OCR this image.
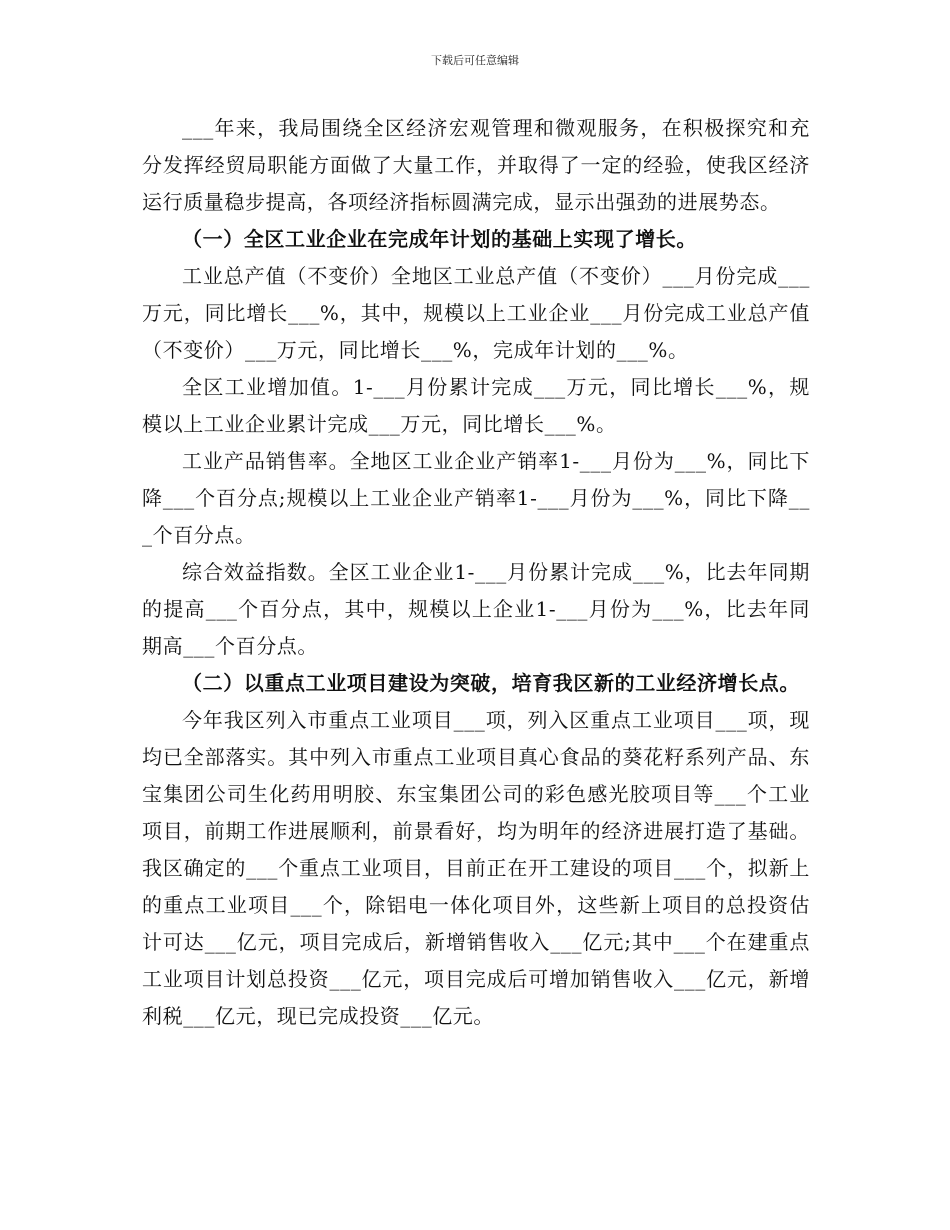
下载后可任意编辑

___年来，我局围绕全区经济宏观管理和微观服务，在积极探究和充分发挥经贸局职能方面做了大量工作，并取得了一定的经验，使我区经济运行质量稳步提高，各项经济指标圆满完成，显示出强劲的进展势态。

（一）全区工业企业在完成年计划的基础上实现了增长。

工业总产值（不变价）全地区工业总产值（不变价）___月份完成___万元，同比增长___%，其中，规模以上工业企业___月份完成工业总产值（不变价）___万元，同比增长___%，完成年计划的___%。

全区工业增加值。1-___月份累计完成___万元，同比增长___%，规模以上工业企业累计完成___万元，同比增长___%。

工业产品销售率。全地区工业企业产销率1-___月份为___%，同比下降___个百分点;规模以上工业企业产销率1-___月份为___%，同比下降___个百分点。

综合效益指数。全区工业企业1-___月份累计完成___%，比去年同期的提高___个百分点，其中，规模以上企业1-___月份为___%，比去年同期高___个百分点。

（二）以重点工业项目建设为突破，培育我区新的工业经济增长点。

今年我区列入市重点工业项目___项，列入区重点工业项目___项，现均已全部落实。其中列入市重点工业项目真心食品的葵花籽系列产品、东宝集团公司生化药用明胶、东宝集团公司的彩色感光胶项目等___个工业项目，前期工作进展顺利，前景看好，均为明年的经济进展打造了基础。我区确定的___个重点工业项目，目前正在开工建设的项目___个，拟新上的重点工业项目___个，除铝电一体化项目外，这些新上项目的总投资估计可达___亿元，项目完成后，新增销售收入___亿元;其中___个在建重点工业项目计划总投资___亿元，项目完成后可增加销售收入___亿元，新增利税___亿元，现已完成投资___亿元。
